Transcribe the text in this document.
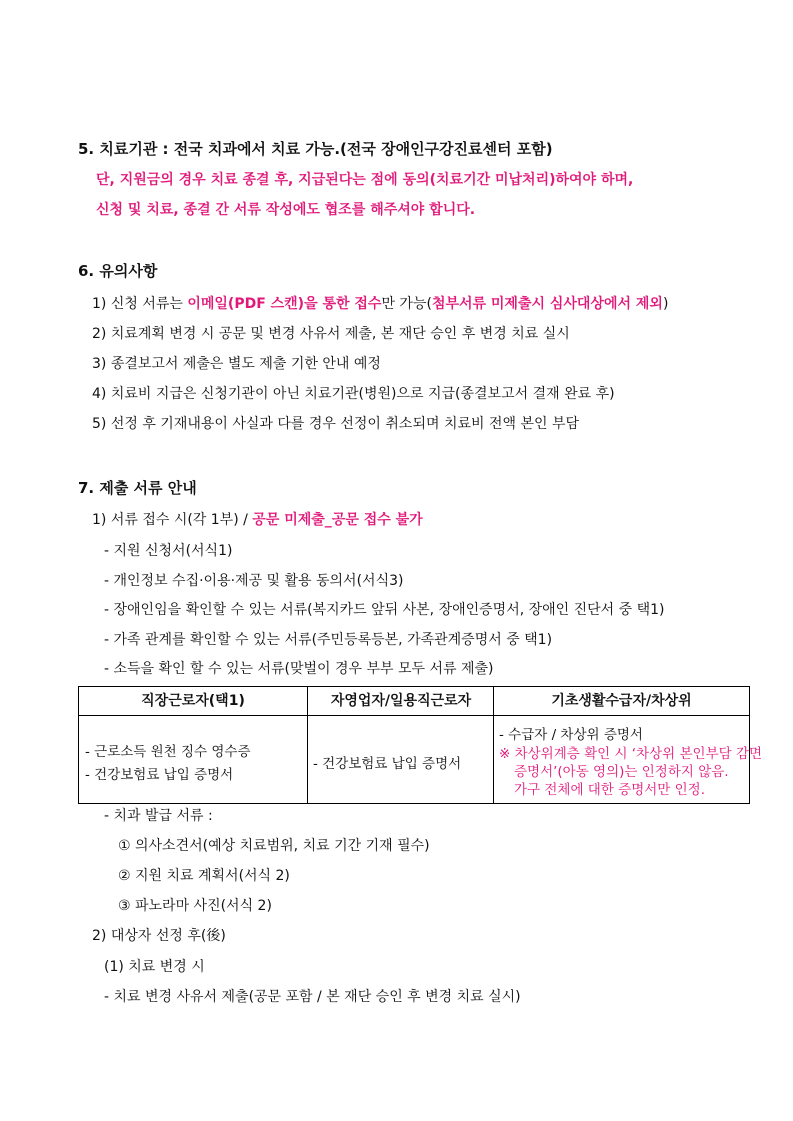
5. 치료기관 : 전국 치과에서 치료 가능.(전국 장애인구강진료센터 포함)
단, 지원금의 경우 치료 종결 후, 지급된다는 점에 동의(치료기간 미납처리)하여야 하며,
신청 및 치료, 종결 간 서류 작성에도 협조를 해주셔야 합니다.
6. 유의사항
1) 신청 서류는 이메일(PDF 스캔)을 통한 접수만 가능(첨부서류 미제출시 심사대상에서 제외)
2) 치료계획 변경 시 공문 및 변경 사유서 제출, 본 재단 승인 후 변경 치료 실시
3) 종결보고서 제출은 별도 제출 기한 안내 예정
4) 치료비 지급은 신청기관이 아닌 치료기관(병원)으로 지급(종결보고서 결재 완료 후)
5) 선정 후 기재내용이 사실과 다를 경우 선정이 취소되며 치료비 전액 본인 부담
7. 제출 서류 안내
1) 서류 접수 시(각 1부) / 공문 미제출_공문 접수 불가
- 지원 신청서(서식1)
- 개인정보 수집·이용·제공 및 활용 동의서(서식3)
- 장애인임을 확인할 수 있는 서류(복지카드 앞뒤 사본, 장애인증명서, 장애인 진단서 중 택1)
- 가족 관계를 확인할 수 있는 서류(주민등록등본, 가족관계증명서 중 택1)
- 소득을 확인 할 수 있는 서류(맞벌이 경우 부부 모두 서류 제출)
직장근로자(택1)	자영업자/일용직근로자	기초생활수급자/차상위
- 근로소득 원천 징수 영수증
- 건강보험료 납입 증명서
- 건강보험료 납입 증명서
- 수급자 / 차상위 증명서
※ 차상위계층 확인 시 ‘차상위 본인부담 감면
증명서’(아동 영의)는 인정하지 않음.
가구 전체에 대한 증명서만 인정.
- 치과 발급 서류 :
① 의사소견서(예상 치료범위, 치료 기간 기재 필수)
② 지원 치료 계획서(서식 2)
③ 파노라마 사진(서식 2)
2) 대상자 선정 후(後)
(1) 치료 변경 시
- 치료 변경 사유서 제출(공문 포함 / 본 재단 승인 후 변경 치료 실시)
